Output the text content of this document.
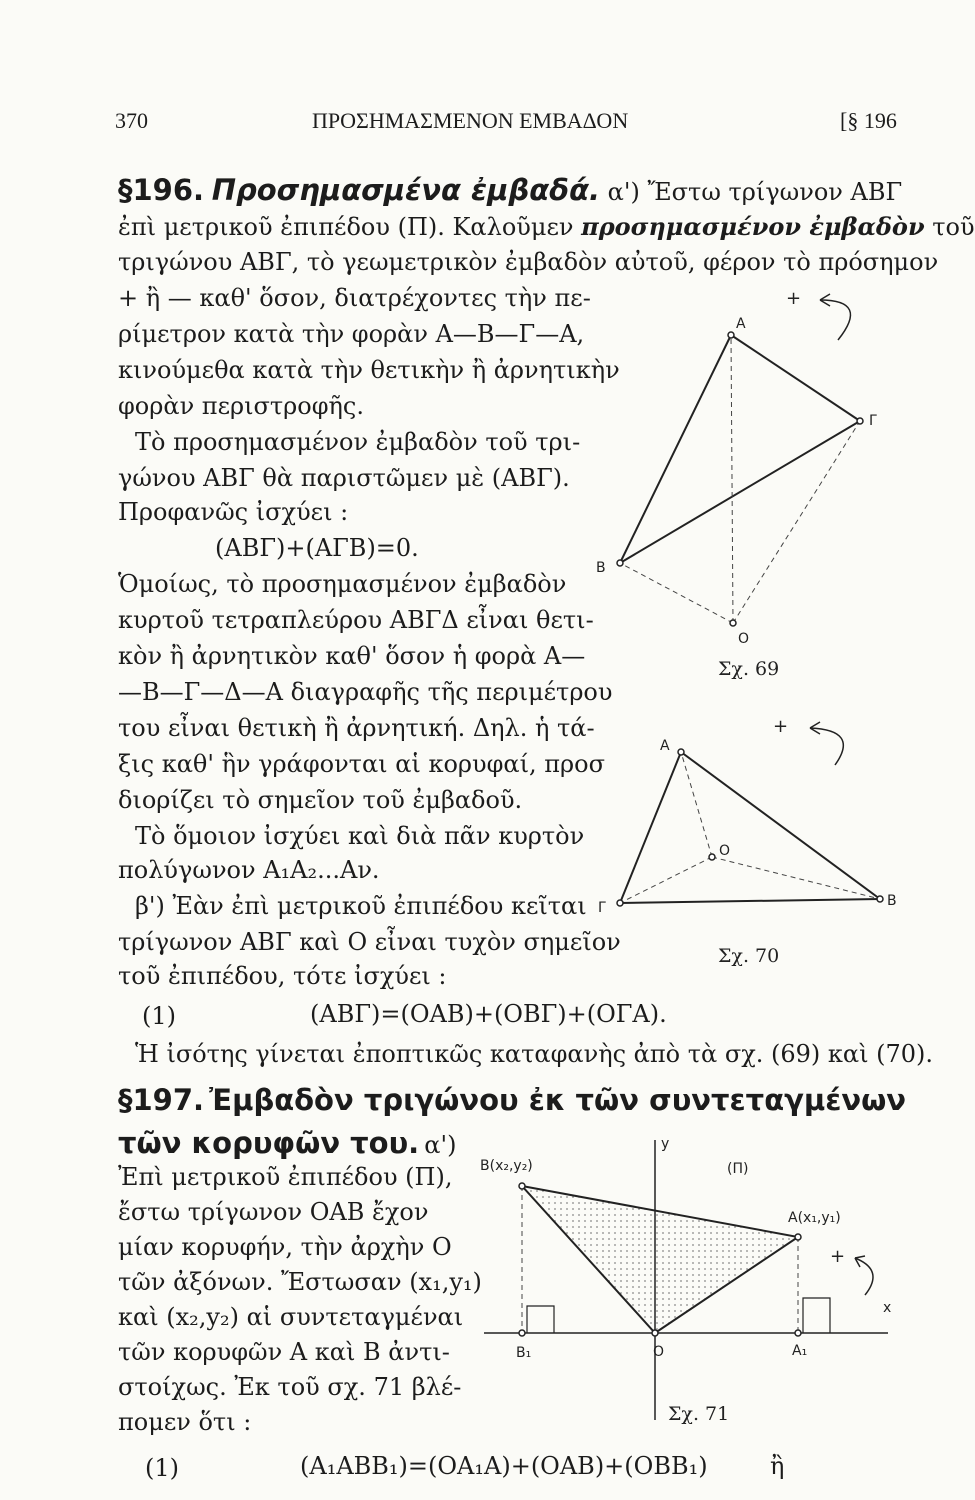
370	ΠΡΟΣΗΜΑΣΜΕΝΟΝ ΕΜΒΑΔΟΝ	[§ 196
§196. Προσημασμένα ἐμβαδά. α') Ἔστω τρίγωνον ΑΒΓ
ἐπὶ μετρικοῦ ἐπιπέδου (Π). Καλοῦμεν προσημασμένον ἐμβαδὸν τοῦ
τριγώνου ΑΒΓ, τὸ γεωμετρικὸν ἐμβαδὸν αὐτοῦ, φέρον τὸ πρόσημον
+ ἢ — καθ' ὅσον, διατρέχοντες τὴν πε-
ρίμετρον κατὰ τὴν φορὰν Α—Β—Γ—Α,
κινούμεθα κατὰ τὴν θετικὴν ἢ ἀρνητικὴν
φορὰν περιστροφῆς.
Τὸ προσημασμένον ἐμβαδὸν τοῦ τρι-
γώνου ΑΒΓ θὰ παριστῶμεν μὲ (ΑΒΓ).
Προφανῶς ἰσχύει :
(ΑΒΓ)+(ΑΓΒ)=0.
Ὁμοίως, τὸ προσημασμένον ἐμβαδὸν
κυρτοῦ τετραπλεύρου ΑΒΓΔ εἶναι θετι-
κὸν ἢ ἀρνητικὸν καθ' ὅσον ἡ φορὰ Α—
—Β—Γ—Δ—Α διαγραφῆς τῆς περιμέτρου
του εἶναι θετικὴ ἢ ἀρνητική. Δηλ. ἡ τά-
ξις καθ' ἣν γράφονται αἱ κορυφαί, προσ
διορίζει τὸ σημεῖον τοῦ ἐμβαδοῦ.
Τὸ ὅμοιον ἰσχύει καὶ διὰ πᾶν κυρτὸν
πολύγωνον Α₁Α₂...Αν.
β') Ἐὰν ἐπὶ μετρικοῦ ἐπιπέδου κεῖται
τρίγωνον ΑΒΓ καὶ Ο εἶναι τυχὸν σημεῖον
τοῦ ἐπιπέδου, τότε ἰσχύει :
(1)	(ΑΒΓ)=(ΟΑΒ)+(ΟΒΓ)+(ΟΓΑ).
Ἡ ἰσότης γίνεται ἐποπτικῶς καταφανὴς ἀπὸ τὰ σχ. (69) καὶ (70).
§197. Ἐμβαδὸν τριγώνου ἐκ τῶν συντεταγμένων
τῶν κορυφῶν του. α')
Ἐπὶ μετρικοῦ ἐπιπέδου (Π),
ἔστω τρίγωνον ΟΑΒ ἔχον
μίαν κορυφήν, τὴν ἀρχὴν Ο
τῶν ἀξόνων. Ἔστωσαν (x₁,y₁)
καὶ (x₂,y₂) αἱ συντεταγμέναι
τῶν κορυφῶν Α καὶ Β ἀντι-
στοίχως. Ἐκ τοῦ σχ. 71 βλέ-
πομεν ὅτι :
(1)	(Α₁ΑΒΒ₁)=(ΟΑ₁Α)+(ΟΑΒ)+(ΟΒΒ₁)	ἢ
+
A
B
Γ
O
Σχ. 69
+
A
Γ	B
O
Σχ. 70
+
B(x₂,y₂)
A(x₁,y₁)
(Π)
y
x
O	A₁
B₁
Σχ. 71
